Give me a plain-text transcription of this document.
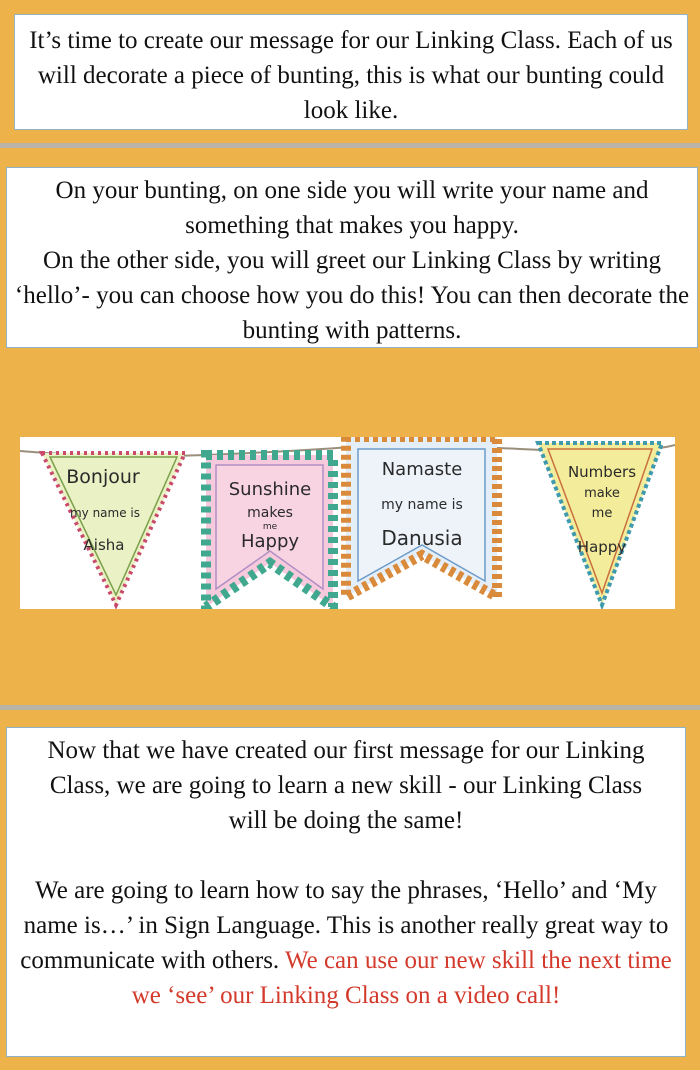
It’s time to create our message for our Linking Class. Each of us will decorate a piece of bunting, this is what our bunting could look like.

On your bunting, on one side you will write your name and something that makes you happy.

On the other side, you will greet our Linking Class by writing ‘hello’- you can choose how you do this! You can then decorate the bunting with patterns.

Bonjour
my name is
Aisha
Sunshine
makes
me
Happy
Namaste
my name is
Danusia
Numbers
make
me
Happy

Now that we have created our first message for our Linking Class, we are going to learn a new skill - our Linking Class will be doing the same!

We are going to learn how to say the phrases, ‘Hello’ and ‘My name is…’ in Sign Language. This is another really great way to communicate with others. We can use our new skill the next time we ‘see’ our Linking Class on a video call!
